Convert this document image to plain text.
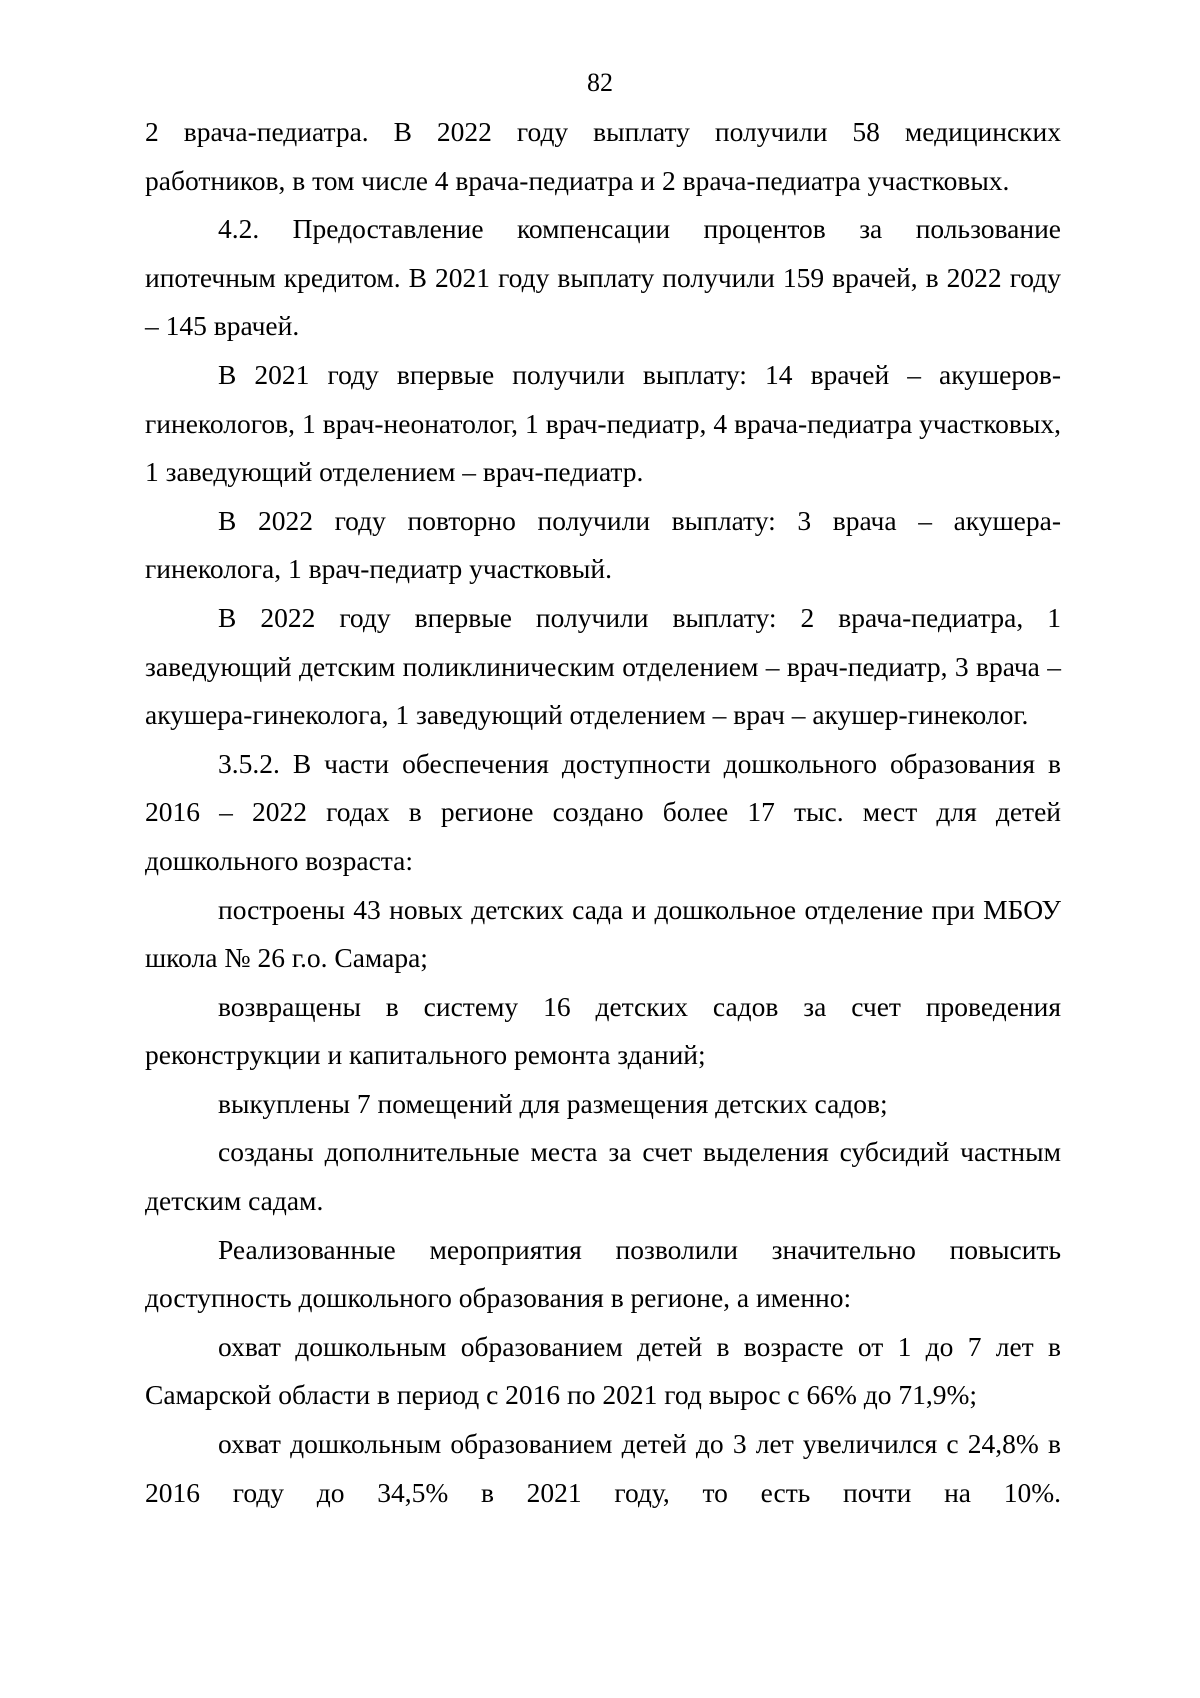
82

2 врача-педиатра. В 2022 году выплату получили 58 медицинских работников, в том числе 4 врача-педиатра и 2 врача-педиатра участковых.

4.2. Предоставление компенсации процентов за пользование ипотечным кредитом. В 2021 году выплату получили 159 врачей, в 2022 году – 145 врачей.

В 2021 году впервые получили выплату: 14 врачей – акушеров-гинекологов, 1 врач-неонатолог, 1 врач-педиатр, 4 врача-педиатра участковых, 1 заведующий отделением – врач-педиатр.

В 2022 году повторно получили выплату: 3 врача – акушера-гинеколога, 1 врач-педиатр участковый.

В 2022 году впервые получили выплату: 2 врача-педиатра, 1 заведующий детским поликлиническим отделением – врач-педиатр, 3 врача – акушера-гинеколога, 1 заведующий отделением – врач – акушер-гинеколог.

3.5.2. В части обеспечения доступности дошкольного образования в 2016 – 2022 годах в регионе создано более 17 тыс. мест для детей дошкольного возраста:

построены 43 новых детских сада и дошкольное отделение при МБОУ школа № 26 г.о. Самара;

возвращены в систему 16 детских садов за счет проведения реконструкции и капитального ремонта зданий;

выкуплены 7 помещений для размещения детских садов;

созданы дополнительные места за счет выделения субсидий частным детским садам.

Реализованные мероприятия позволили значительно повысить доступность дошкольного образования в регионе, а именно:

охват дошкольным образованием детей в возрасте от 1 до 7 лет в Самарской области в период с 2016 по 2021 год вырос с 66% до 71,9%;

охват дошкольным образованием детей до 3 лет увеличился с 24,8% в 2016 году до 34,5% в 2021 году, то есть почти на 10%.
